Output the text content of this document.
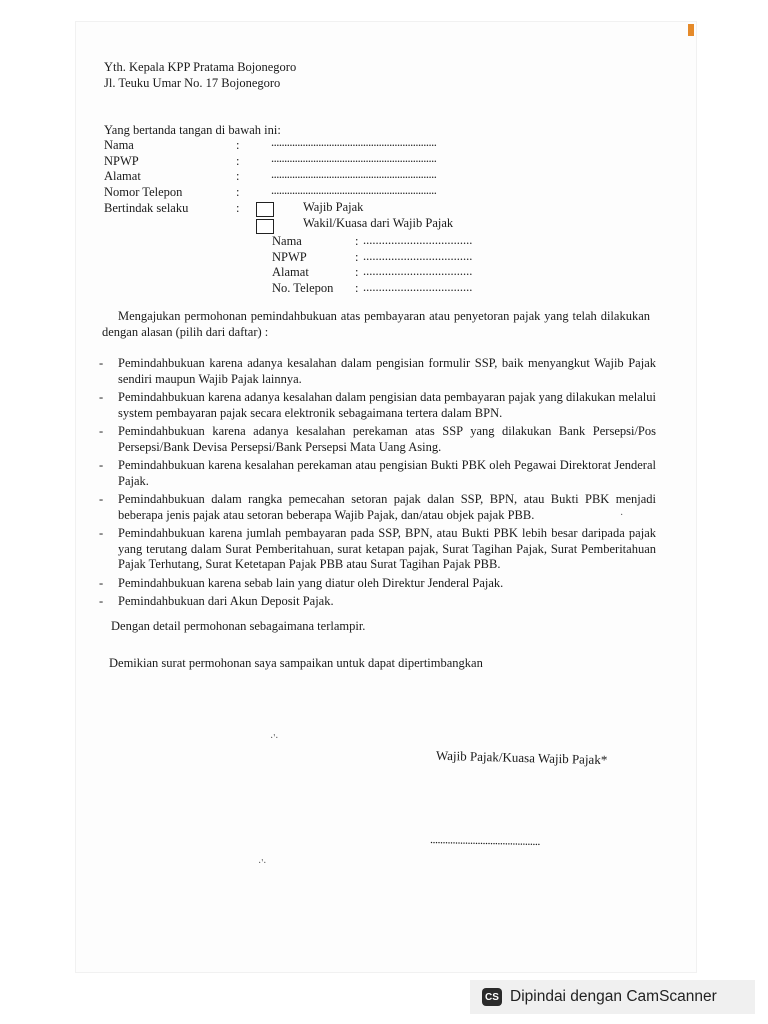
Yth. Kepala KPP Pratama Bojonegoro
Jl. Teuku Umar No. 17 Bojonegoro
Yang bertanda tangan di bawah ini:
Nama	:	...............................................................
NPWP	:	...............................................................
Alamat	:	...............................................................
Nomor Telepon	:	...............................................................
Bertindak selaku	:	Wajib Pajak
Wakil/Kuasa dari Wajib Pajak
Nama	: ...................................
NPWP	: ...................................
Alamat	: ...................................
No. Telepon : ...................................
Mengajukan permohonan pemindahbukuan atas pembayaran atau penyetoran pajak yang telah dilakukan dengan alasan (pilih dari daftar) :

- Pemindahbukuan karena adanya kesalahan dalam pengisian formulir SSP, baik menyangkut Wajib Pajak sendiri maupun Wajib Pajak lainnya.

- Pemindahbukuan karena adanya kesalahan dalam pengisian data pembayaran pajak yang dilakukan melalui system pembayaran pajak secara elektronik sebagaimana tertera dalam BPN.

- Pemindahbukuan karena adanya kesalahan perekaman atas SSP yang dilakukan Bank Persepsi/Pos Persepsi/Bank Devisa Persepsi/Bank Persepsi Mata Uang Asing.

- Pemindahbukuan karena kesalahan perekaman atau pengisian Bukti PBK oleh Pegawai Direktorat Jenderal Pajak.

- Pemindahbukuan dalam rangka pemecahan setoran pajak dalan SSP, BPN, atau Bukti PBK menjadi beberapa jenis pajak atau setoran beberapa Wajib Pajak, dan/atau objek pajak PBB.

- Pemindahbukuan karena jumlah pembayaran pada SSP, BPN, atau Bukti PBK lebih besar daripada pajak yang terutang dalam Surat Pemberitahuan, surat ketapan pajak, Surat Tagihan Pajak, Surat Pemberitahuan Pajak Terhutang, Surat Ketetapan Pajak PBB atau Surat Tagihan Pajak PBB.

- Pemindahbukuan karena sebab lain yang diatur oleh Direktur Jenderal Pajak.

- Pemindahbukuan dari Akun Deposit Pajak.

Dengan detail permohonan sebagaimana terlampir.
Demikian surat permohonan saya sampaikan untuk dapat dipertimbangkan
Wajib Pajak/Kuasa Wajib Pajak*
............................................
·'·
·'·
·
CS Dipindai dengan CamScanner
